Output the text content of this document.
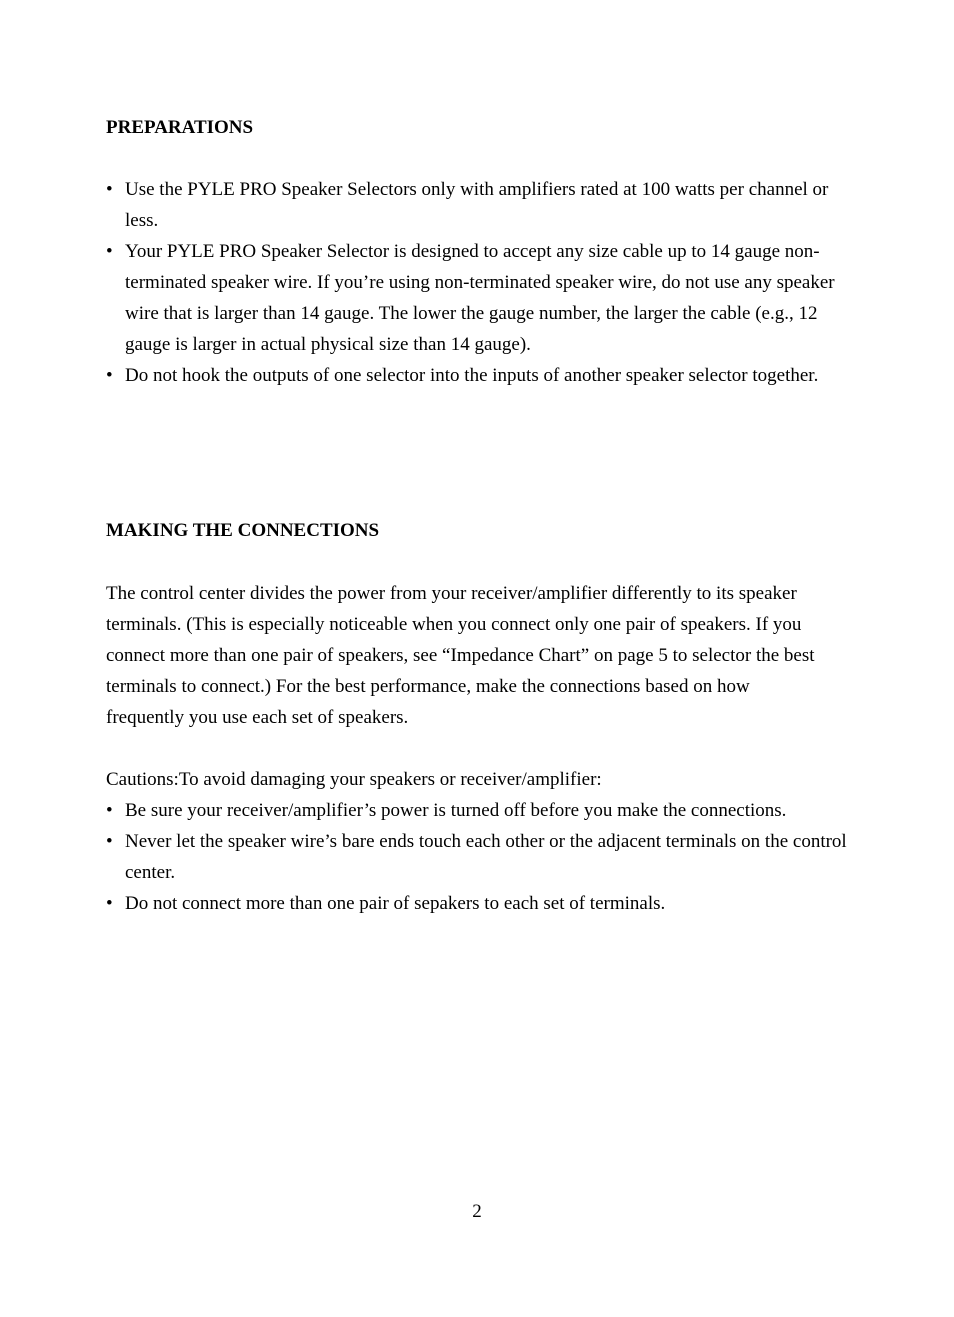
PREPARATIONS
• Use the PYLE PRO Speaker Selectors only with amplifiers rated at 100 watts per channel or less.
• Your PYLE PRO Speaker Selector is designed to accept any size cable up to 14 gauge non-terminated speaker wire. If you’re using non-terminated speaker wire, do not use any speaker wire that is larger than 14 gauge. The lower the gauge number, the larger the cable (e.g., 12 gauge is larger in actual physical size than 14 gauge).
• Do not hook the outputs of one selector into the inputs of another speaker selector together.
MAKING THE CONNECTIONS

The control center divides the power from your receiver/amplifier differently to its speaker terminals. (This is especially noticeable when you connect only one pair of speakers. If you connect more than one pair of speakers, see “Impedance Chart” on page 5 to selector the best terminals to connect.) For the best performance, make the connections based on how frequently you use each set of speakers.

Cautions:To avoid damaging your speakers or receiver/amplifier:

• Be sure your receiver/amplifier’s power is turned off before you make the connections.
• Never let the speaker wire’s bare ends touch each other or the adjacent terminals on the control center.
• Do not connect more than one pair of sepakers to each set of terminals.

2
